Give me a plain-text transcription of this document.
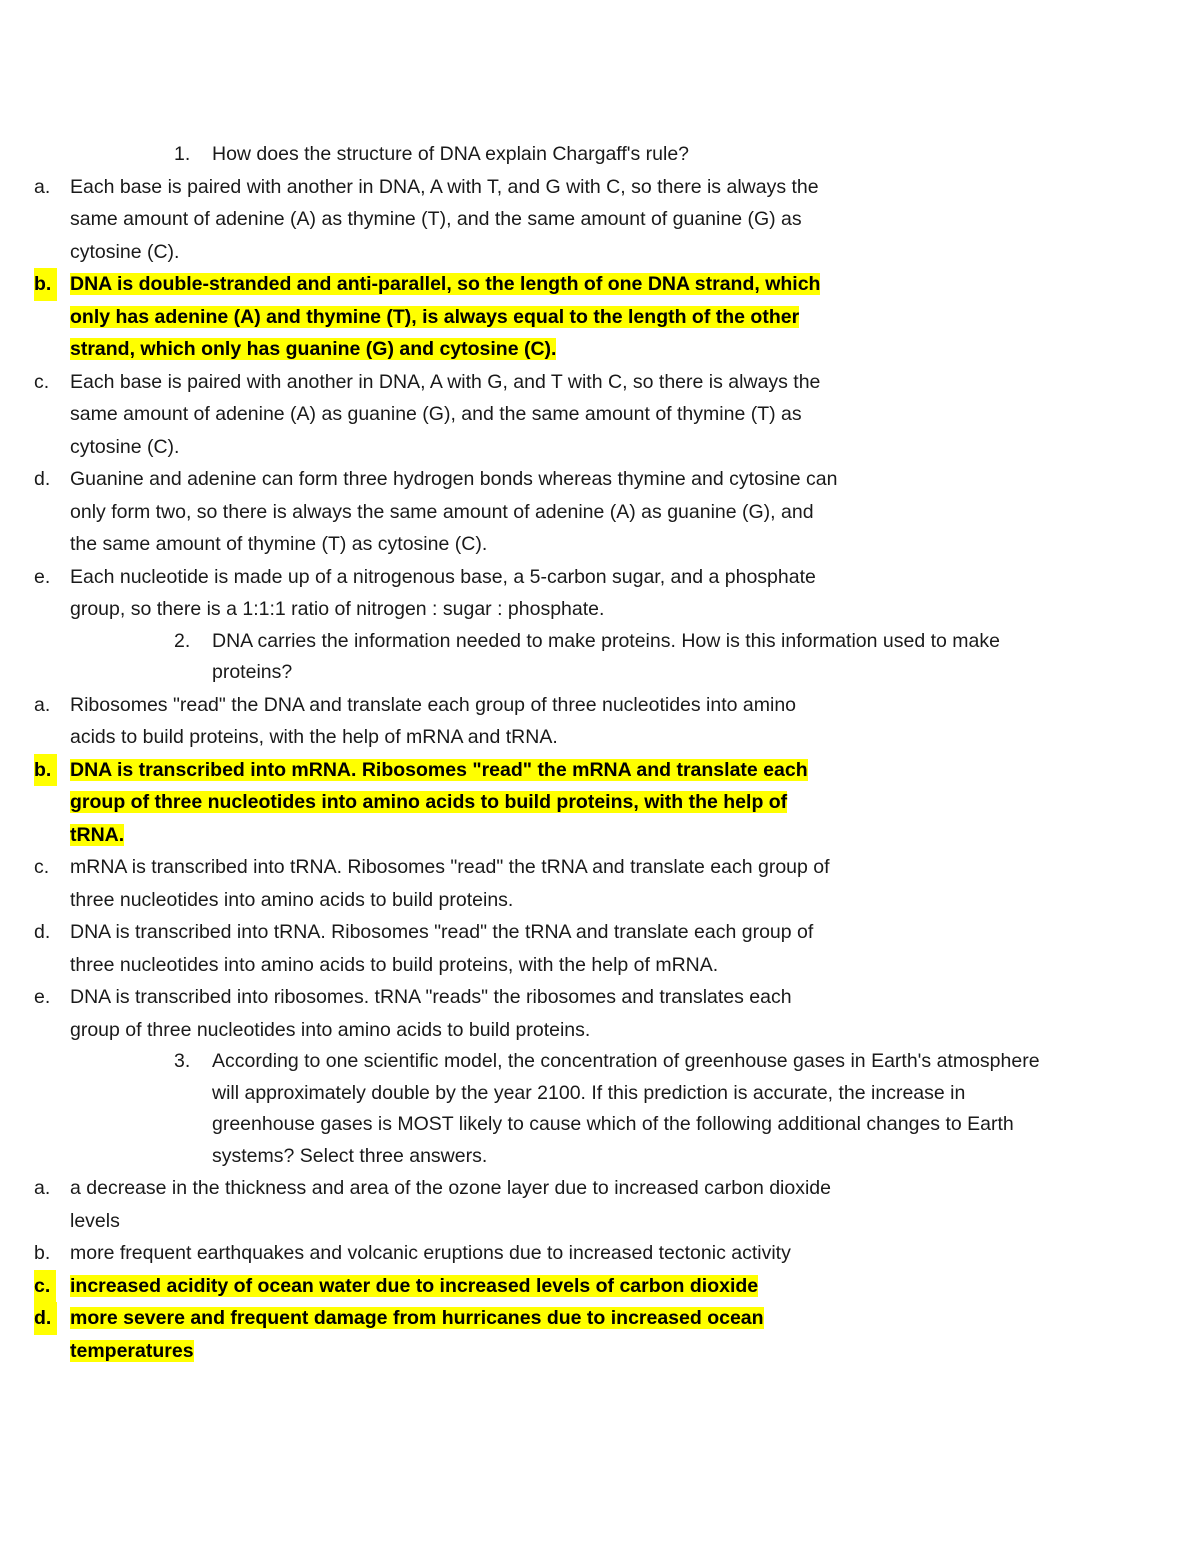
1. How does the structure of DNA explain Chargaff's rule?
a. Each base is paired with another in DNA, A with T, and G with C, so there is always the same amount of adenine (A) as thymine (T), and the same amount of guanine (G) as cytosine (C).
b. DNA is double-stranded and anti-parallel, so the length of one DNA strand, which only has adenine (A) and thymine (T), is always equal to the length of the other strand, which only has guanine (G) and cytosine (C).
c. Each base is paired with another in DNA, A with G, and T with C, so there is always the same amount of adenine (A) as guanine (G), and the same amount of thymine (T) as cytosine (C).
d. Guanine and adenine can form three hydrogen bonds whereas thymine and cytosine can only form two, so there is always the same amount of adenine (A) as guanine (G), and the same amount of thymine (T) as cytosine (C).
e. Each nucleotide is made up of a nitrogenous base, a 5-carbon sugar, and a phosphate group, so there is a 1:1:1 ratio of nitrogen : sugar : phosphate.
2. DNA carries the information needed to make proteins. How is this information used to make proteins?
a. Ribosomes "read" the DNA and translate each group of three nucleotides into amino acids to build proteins, with the help of mRNA and tRNA.
b. DNA is transcribed into mRNA. Ribosomes "read" the mRNA and translate each group of three nucleotides into amino acids to build proteins, with the help of tRNA.
c. mRNA is transcribed into tRNA. Ribosomes "read" the tRNA and translate each group of three nucleotides into amino acids to build proteins.
d. DNA is transcribed into tRNA. Ribosomes "read" the tRNA and translate each group of three nucleotides into amino acids to build proteins, with the help of mRNA.
e. DNA is transcribed into ribosomes. tRNA "reads" the ribosomes and translates each group of three nucleotides into amino acids to build proteins.
3. According to one scientific model, the concentration of greenhouse gases in Earth's atmosphere will approximately double by the year 2100. If this prediction is accurate, the increase in greenhouse gases is MOST likely to cause which of the following additional changes to Earth systems? Select three answers.
a. a decrease in the thickness and area of the ozone layer due to increased carbon dioxide levels
b. more frequent earthquakes and volcanic eruptions due to increased tectonic activity
c.	increased acidity of ocean water due to increased levels of carbon dioxide
d. more severe and frequent damage from hurricanes due to increased ocean temperatures
